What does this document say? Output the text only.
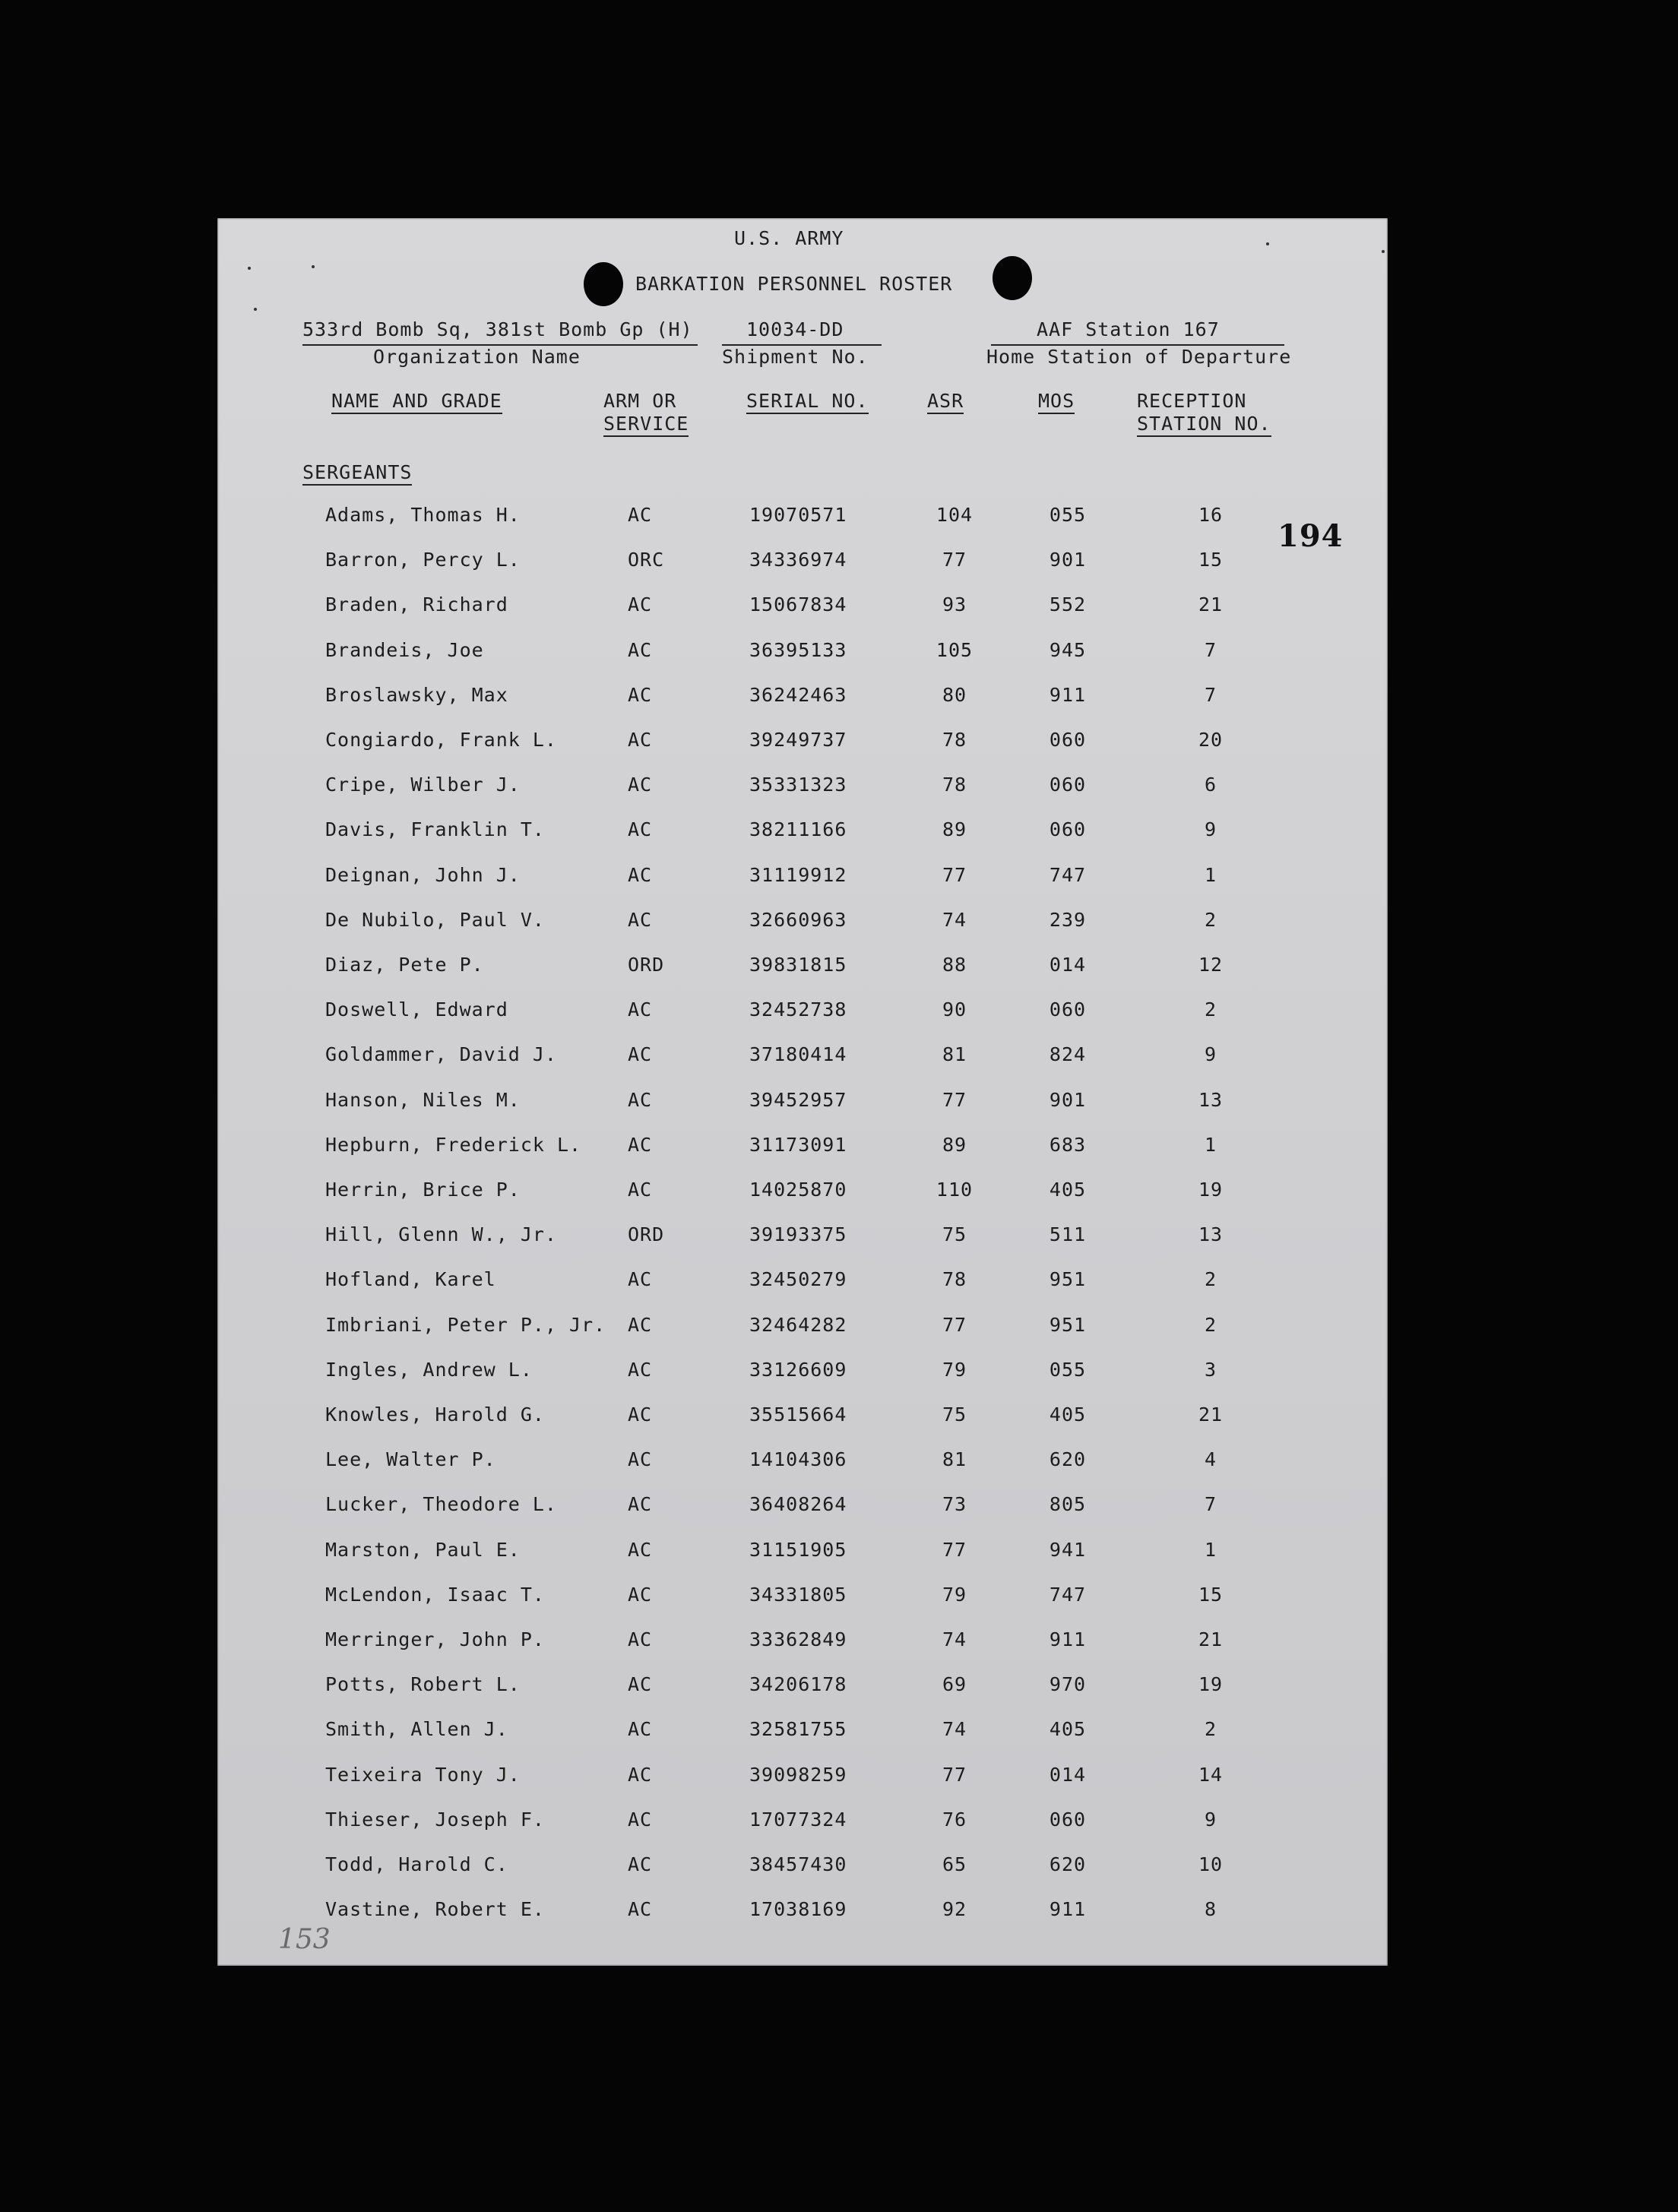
U.S. ARMY
BARKATION PERSONNEL ROSTER
533rd Bomb Sq, 381st Bomb Gp (H)
Organization Name
10034-DD
Shipment No.
AAF Station 167
Home Station of Departure
NAME AND GRADE	ARM OR
SERVICE
SERIAL NO.	ASR	MOS	RECEPTION
STATION NO.
SERGEANTS
194
Adams, Thomas H.	AC	19070571	104	055	16
Barron, Percy L.	ORC	34336974	77	901	15
Braden, Richard	AC	15067834	93	552	21
Brandeis, Joe	AC	36395133	105	945	7
Broslawsky, Max	AC	36242463	80	911	7
Congiardo, Frank L.	AC	39249737	78	060	20
Cripe, Wilber J.	AC	35331323	78	060	6
Davis, Franklin T.	AC	38211166	89	060	9
Deignan, John J.	AC	31119912	77	747	1
De Nubilo, Paul V.	AC	32660963	74	239	2
Diaz, Pete P.	ORD	39831815	88	014	12
Doswell, Edward	AC	32452738	90	060	2
Goldammer, David J.	AC	37180414	81	824	9
Hanson, Niles M.	AC	39452957	77	901	13
Hepburn, Frederick L. AC	31173091	89	683	1
Herrin, Brice P.	AC	14025870	110	405	19
Hill, Glenn W., Jr.	ORD	39193375	75	511	13
Hofland, Karel	AC	32450279	78	951	2
Imbriani, Peter P., Jr. AC	32464282	77	951	2
Ingles, Andrew L.	AC	33126609	79	055	3
Knowles, Harold G.	AC	35515664	75	405	21
Lee, Walter P.	AC	14104306	81	620	4
Lucker, Theodore L.	AC	36408264	73	805	7
Marston, Paul E.	AC	31151905	77	941	1
McLendon, Isaac T.	AC	34331805	79	747	15
Merringer, John P.	AC	33362849	74	911	21
Potts, Robert L.	AC	34206178	69	970	19
Smith, Allen J.	AC	32581755	74	405	2
Teixeira Tony J.	AC	39098259	77	014	14
Thieser, Joseph F.	AC	17077324	76	060	9
Todd, Harold C.	AC	38457430	65	620	10
Vastine, Robert E.	AC	17038169	92	911	8
153
